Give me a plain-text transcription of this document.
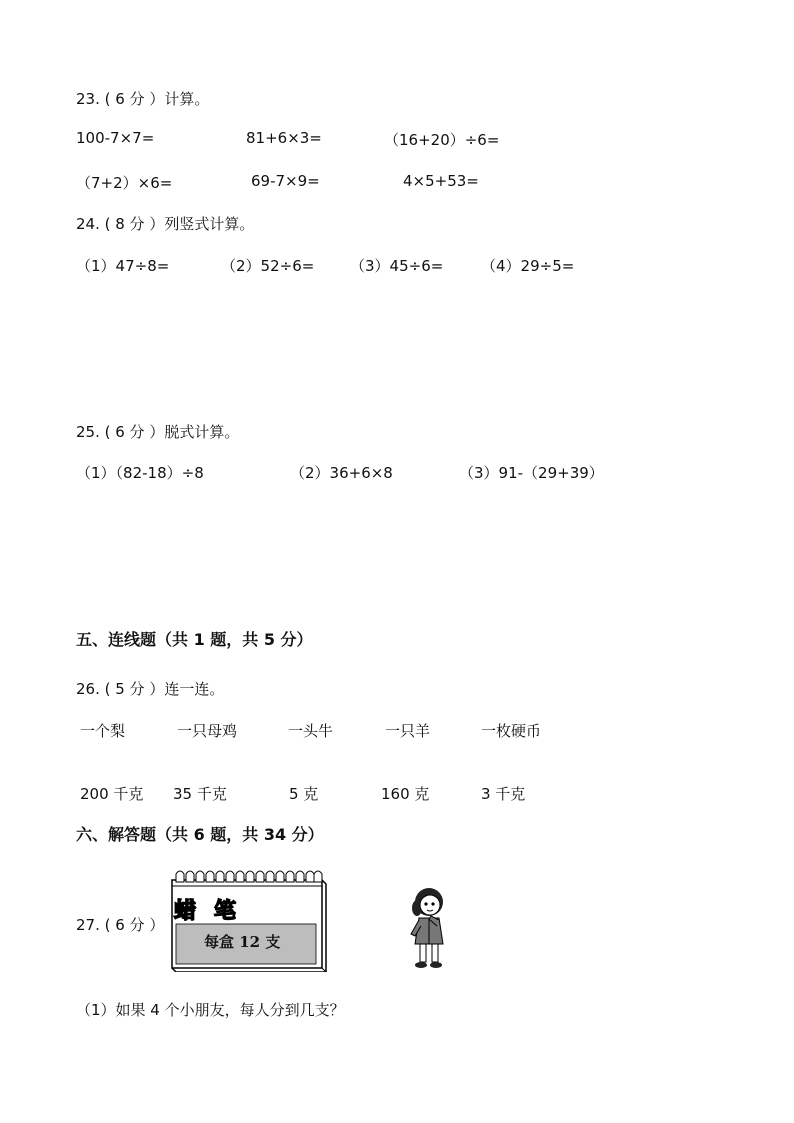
23. ( 6 分 ）计算。
100-7×7=	81+6×3=	（16+20）÷6=
（7+2）×6=	69-7×9=	4×5+53=
24. ( 8 分 ）列竖式计算。
（1）47÷8=	（2）52÷6= （3）45÷6=	（4）29÷5=
25. ( 6 分 ）脱式计算。
（1）（82-18）÷8	（2）36+6×8	（3）91-（29+39）
五、连线题（共 1 题，共 5 分）
26. ( 5 分 ）连一连。
一个梨	一只母鸡	一头牛	一只羊	一枚硬币
200 千克 35 千克	5 克	160 克	3 千克
六、解答题（共 6 题，共 34 分）
27. ( 6 分 ）
蜡笔
每盒 12 支
（1）如果 4 个小朋友，每人分到几支？
